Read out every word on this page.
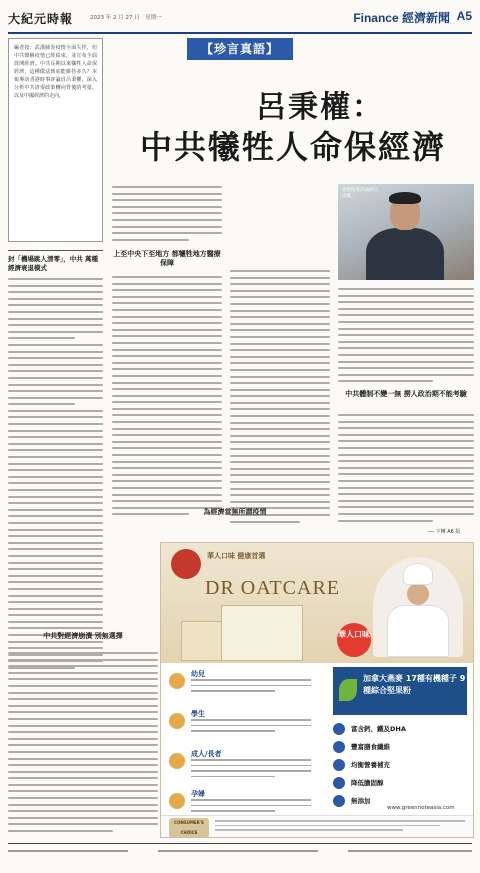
大紀元時報	2023 年 2 月 27 日　星期一	Finance 經濟新聞 A5
【珍言真語】
呂秉權：
中共犧牲人命保經濟

編者按：武漢肺炎疫情全面失控，但 中共聲稱疫情已經結束，並宣布全面放開經濟。中共長期以來犧牲人命保經濟，這種做法到底能維持多久？本報專訪香港時事評論員呂秉權，深入分析中共清零政策轉向背後的考量，以及中國經濟的走向。

封「機場跳人清零」，中共 萬種經濟衰退模式
上至中央下至地方 都犧牲地方醫療保障
中共對經濟崩潰 別無選擇
為經濟當無所謂疫情
香港時事評論員呂秉權。
中共體制不變一無 撈人政治期不能考驗
── 下轉 A6 版
華人口味 健康首選
DR OATCARE
華人口味
幼兒
學生
成人/長者
孕婦
加拿大燕麥 17種有機種子 9種綜合堅果粉
富含鈣、鐵及DHA
豐富膳食纖維
均衡營養補充
降低膽固醇
無添加
www.greennoteasia.com
CONSUMER'S CHOICE
